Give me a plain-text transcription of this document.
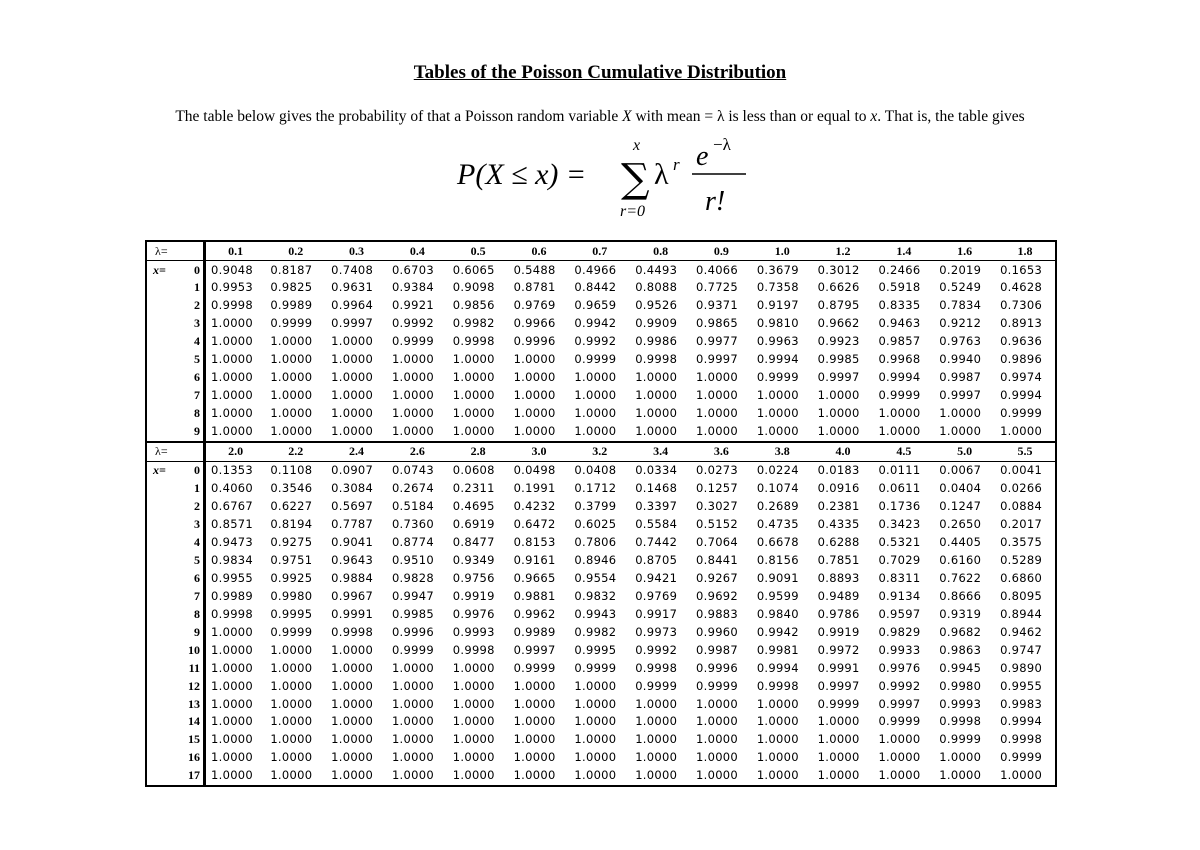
Tables of the Poisson Cumulative Distribution
The table below gives the probability of that a Poisson random variable X with mean = λ is less than or equal to x. That is, the table gives
P(X ≤ x) =
x
∑
r=0
λ r e −λ
r!
λ=	0.1	0.2	0.3	0.4	0.5	0.6	0.7	0.8	0.9	1.0	1.2	1.4	1.6	1.8

x= 0	0.9048	0.8187	0.7408	0.6703	0.6065	0.5488	0.4966	0.4493	0.4066	0.3679	0.3012	0.2466	0.2019	0.1653
1	0.9953	0.9825	0.9631	0.9384	0.9098	0.8781	0.8442	0.8088	0.7725	0.7358	0.6626	0.5918	0.5249	0.4628
2	0.9998	0.9989	0.9964	0.9921	0.9856	0.9769	0.9659	0.9526	0.9371	0.9197	0.8795	0.8335	0.7834	0.7306
3	1.0000	0.9999	0.9997	0.9992	0.9982	0.9966	0.9942	0.9909	0.9865	0.9810	0.9662	0.9463	0.9212	0.8913
4	1.0000	1.0000	1.0000	0.9999	0.9998	0.9996	0.9992	0.9986	0.9977	0.9963	0.9923	0.9857	0.9763	0.9636
5	1.0000	1.0000	1.0000	1.0000	1.0000	1.0000	0.9999	0.9998	0.9997	0.9994	0.9985	0.9968	0.9940	0.9896
6	1.0000	1.0000	1.0000	1.0000	1.0000	1.0000	1.0000	1.0000	1.0000	0.9999	0.9997	0.9994	0.9987	0.9974
7	1.0000	1.0000	1.0000	1.0000	1.0000	1.0000	1.0000	1.0000	1.0000	1.0000	1.0000	0.9999	0.9997	0.9994
8	1.0000	1.0000	1.0000	1.0000	1.0000	1.0000	1.0000	1.0000	1.0000	1.0000	1.0000	1.0000	1.0000	0.9999
9	1.0000	1.0000	1.0000	1.0000	1.0000	1.0000	1.0000	1.0000	1.0000	1.0000	1.0000	1.0000	1.0000	1.0000

λ=	2.0	2.2	2.4	2.6	2.8	3.0	3.2	3.4	3.6	3.8	4.0	4.5	5.0	5.5

x= 0	0.1353	0.1108	0.0907	0.0743	0.0608	0.0498	0.0408	0.0334	0.0273	0.0224	0.0183	0.0111	0.0067	0.0041
1	0.4060	0.3546	0.3084	0.2674	0.2311	0.1991	0.1712	0.1468	0.1257	0.1074	0.0916	0.0611	0.0404	0.0266
2	0.6767	0.6227	0.5697	0.5184	0.4695	0.4232	0.3799	0.3397	0.3027	0.2689	0.2381	0.1736	0.1247	0.0884
3	0.8571	0.8194	0.7787	0.7360	0.6919	0.6472	0.6025	0.5584	0.5152	0.4735	0.4335	0.3423	0.2650	0.2017
4	0.9473	0.9275	0.9041	0.8774	0.8477	0.8153	0.7806	0.7442	0.7064	0.6678	0.6288	0.5321	0.4405	0.3575
5	0.9834	0.9751	0.9643	0.9510	0.9349	0.9161	0.8946	0.8705	0.8441	0.8156	0.7851	0.7029	0.6160	0.5289
6	0.9955	0.9925	0.9884	0.9828	0.9756	0.9665	0.9554	0.9421	0.9267	0.9091	0.8893	0.8311	0.7622	0.6860
7	0.9989	0.9980	0.9967	0.9947	0.9919	0.9881	0.9832	0.9769	0.9692	0.9599	0.9489	0.9134	0.8666	0.8095
8	0.9998	0.9995	0.9991	0.9985	0.9976	0.9962	0.9943	0.9917	0.9883	0.9840	0.9786	0.9597	0.9319	0.8944
9	1.0000	0.9999	0.9998	0.9996	0.9993	0.9989	0.9982	0.9973	0.9960	0.9942	0.9919	0.9829	0.9682	0.9462
10	1.0000	1.0000	1.0000	0.9999	0.9998	0.9997	0.9995	0.9992	0.9987	0.9981	0.9972	0.9933	0.9863	0.9747
11	1.0000	1.0000	1.0000	1.0000	1.0000	0.9999	0.9999	0.9998	0.9996	0.9994	0.9991	0.9976	0.9945	0.9890
12	1.0000	1.0000	1.0000	1.0000	1.0000	1.0000	1.0000	0.9999	0.9999	0.9998	0.9997	0.9992	0.9980	0.9955
13	1.0000	1.0000	1.0000	1.0000	1.0000	1.0000	1.0000	1.0000	1.0000	1.0000	0.9999	0.9997	0.9993	0.9983
14	1.0000	1.0000	1.0000	1.0000	1.0000	1.0000	1.0000	1.0000	1.0000	1.0000	1.0000	0.9999	0.9998	0.9994
15	1.0000	1.0000	1.0000	1.0000	1.0000	1.0000	1.0000	1.0000	1.0000	1.0000	1.0000	1.0000	0.9999	0.9998
16	1.0000	1.0000	1.0000	1.0000	1.0000	1.0000	1.0000	1.0000	1.0000	1.0000	1.0000	1.0000	1.0000	0.9999
17	1.0000	1.0000	1.0000	1.0000	1.0000	1.0000	1.0000	1.0000	1.0000	1.0000	1.0000	1.0000	1.0000	1.0000
